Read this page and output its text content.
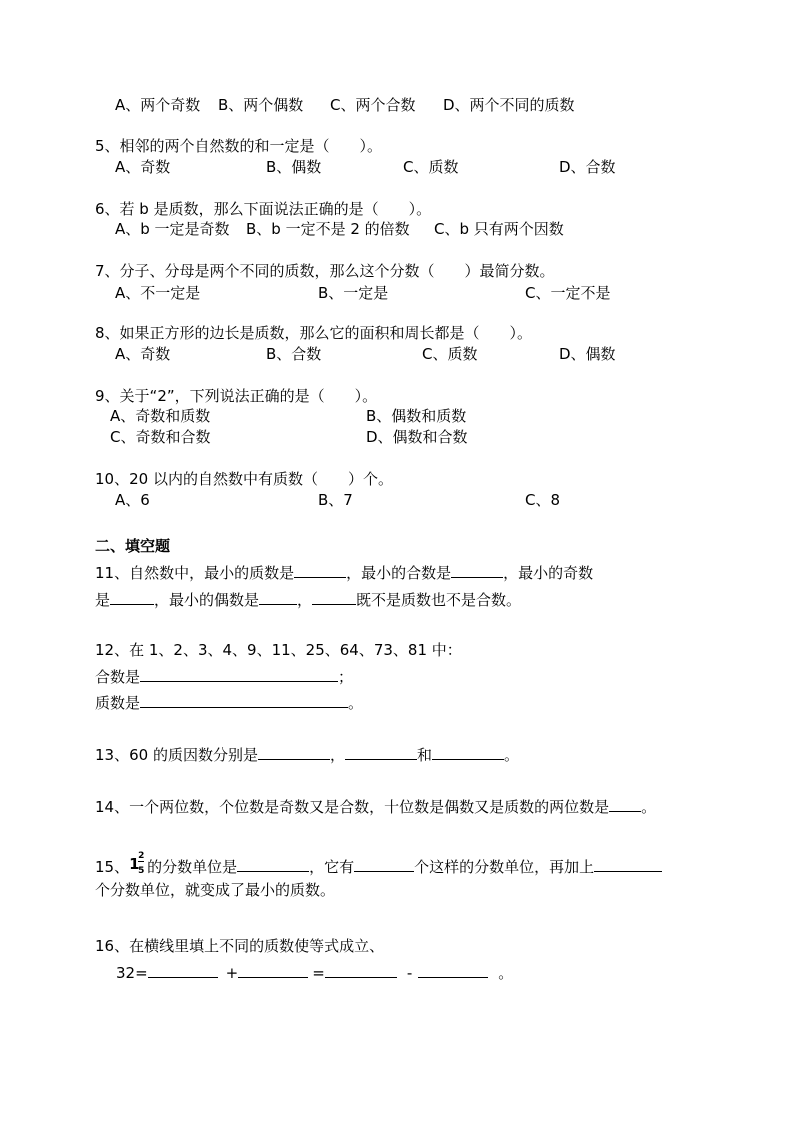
A、两个奇数 B、两个偶数 C、两个合数 D、两个不同的质数
5、相邻的两个自然数的和一定是（　　）。
A、奇数	B、偶数	C、质数	D、合数
6、若 b 是质数，那么下面说法正确的是（　　）。
A、b 一定是奇数 B、b 一定不是 2 的倍数 C、b 只有两个因数
7、分子、分母是两个不同的质数，那么这个分数（　　）最简分数。
A、不一定是	B、一定是	C、一定不是
8、如果正方形的边长是质数，那么它的面积和周长都是（　　）。
A、奇数	B、合数	C、质数	D、偶数
9、关于“2”，下列说法正确的是（　　）。
A、奇数和质数	B、偶数和质数
C、奇数和合数	D、偶数和合数
10、20 以内的自然数中有质数（　　）个。
A、6	B、7	C、8
二、填空题
11、自然数中，最小的质数是	，最小的合数是	，最小的奇数
是	，最小的偶数是	，	既不是质数也不是合数。
12、在 1、2、3、4、9、11、25、64、73、81 中：
合数是	；
质数是	。
13、60 的质因数分别是	，	和	。
14、一个两位数，个位数是奇数又是合数，十位数是偶数又是质数的两位数是 。
15、 1
2
5 的分数单位是	，它有	个这样的分数单位，再加上
个分数单位，就变成了最小的质数。
16、在横线里填上不同的质数使等式成立、
32=	+	=	-	。
